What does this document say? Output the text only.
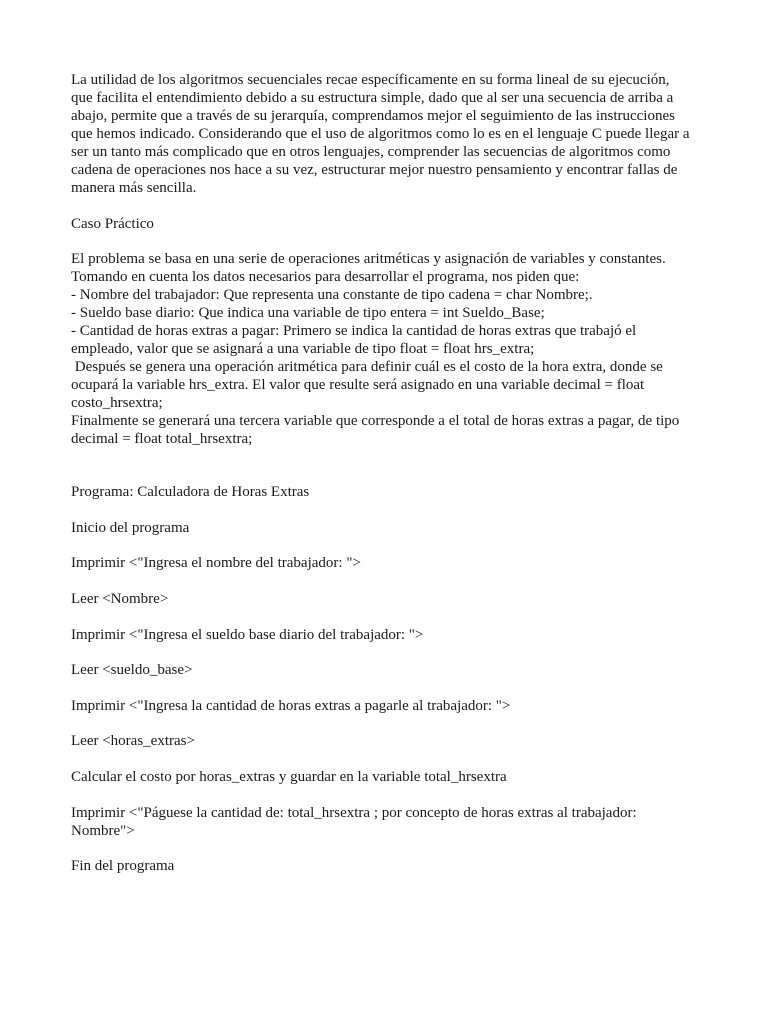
La utilidad de los algoritmos secuenciales recae específicamente en su forma lineal de su ejecución,
que facilita el entendimiento debido a su estructura simple, dado que al ser una secuencia de arriba a
abajo, permite que a través de su jerarquía, comprendamos mejor el seguimiento de las instrucciones
que hemos indicado. Considerando que el uso de algoritmos como lo es en el lenguaje C puede llegar a
ser un tanto más complicado que en otros lenguajes, comprender las secuencias de algoritmos como
cadena de operaciones nos hace a su vez, estructurar mejor nuestro pensamiento y encontrar fallas de
manera más sencilla.

Caso Práctico

El problema se basa en una serie de operaciones aritméticas y asignación de variables y constantes.
Tomando en cuenta los datos necesarios para desarrollar el programa, nos piden que:
- Nombre del trabajador: Que representa una constante de tipo cadena = char Nombre;.
- Sueldo base diario: Que indica una variable de tipo entera = int Sueldo_Base;
- Cantidad de horas extras a pagar: Primero se indica la cantidad de horas extras que trabajó el
empleado, valor que se asignará a una variable de tipo float = float hrs_extra;
Después se genera una operación aritmética para definir cuál es el costo de la hora extra, donde se
ocupará la variable hrs_extra. El valor que resulte será asignado en una variable decimal = float
costo_hrsextra;
Finalmente se generará una tercera variable que corresponde a el total de horas extras a pagar, de tipo
decimal = float total_hrsextra;

Programa: Calculadora de Horas Extras

Inicio del programa

Imprimir <"Ingresa el nombre del trabajador: ">

Leer <Nombre>

Imprimir <"Ingresa el sueldo base diario del trabajador: ">

Leer <sueldo_base>

Imprimir <"Ingresa la cantidad de horas extras a pagarle al trabajador: ">

Leer <horas_extras>

Calcular el costo por horas_extras y guardar en la variable total_hrsextra

Imprimir <"Páguese la cantidad de: total_hrsextra ; por concepto de horas extras al trabajador:
Nombre">

Fin del programa
